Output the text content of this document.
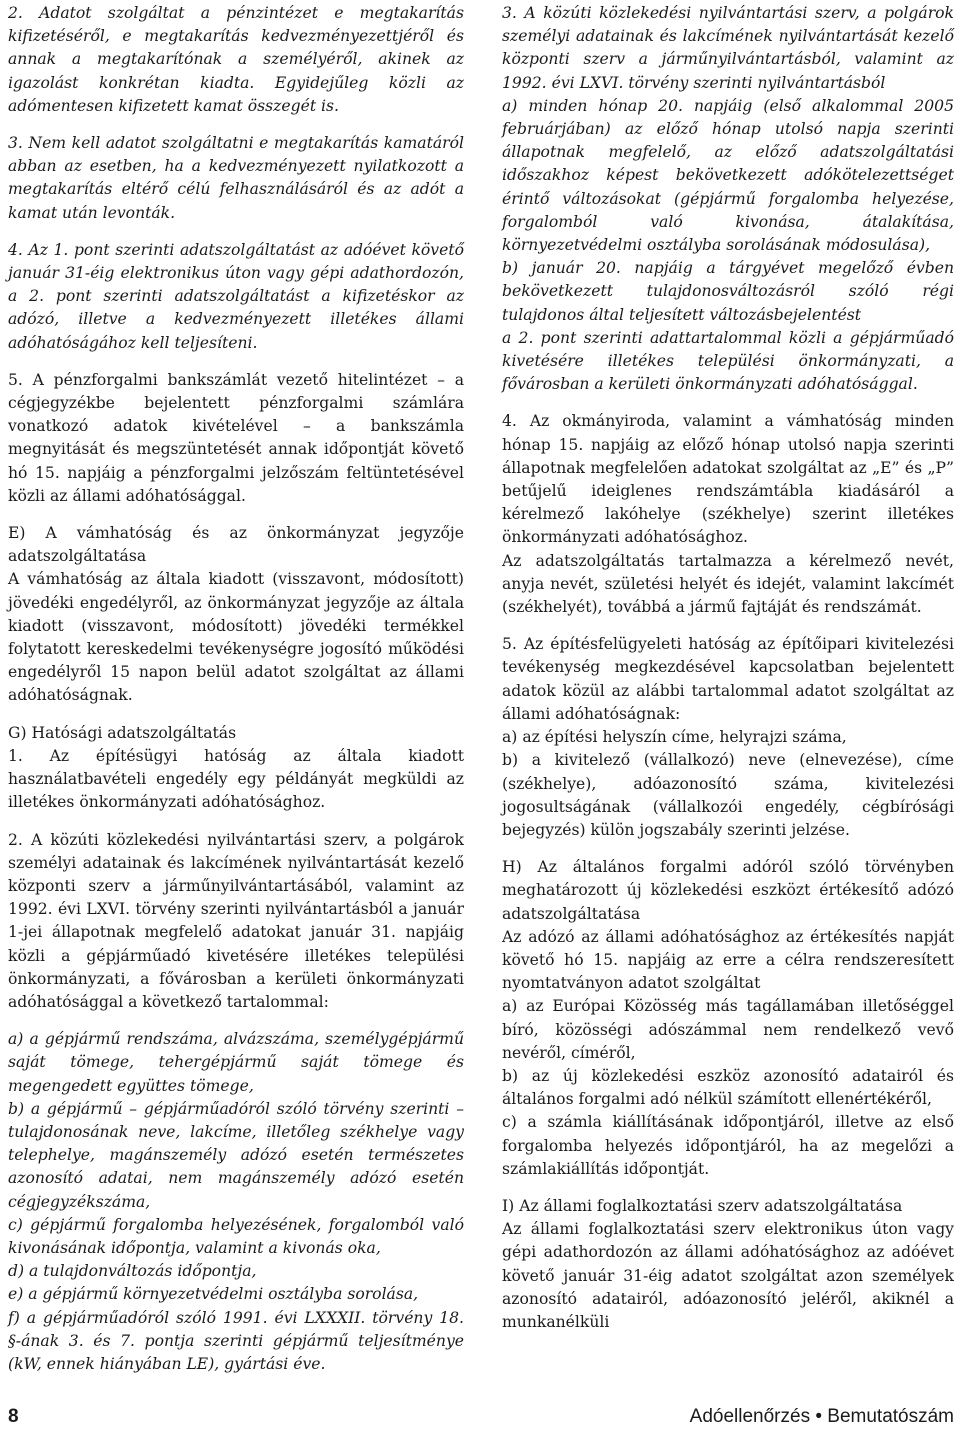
2. Adatot szolgáltat a pénzintézet e megtakarítás kifizetéséről, e megtakarítás kedvezményezettjéről és annak a megtakarítónak a személyéről, akinek az igazolást konkrétan kiadta. Egyidejűleg közli az adómentesen kifizetett kamat összegét is.
3. Nem kell adatot szolgáltatni e megtakarítás kamatáról abban az esetben, ha a kedvezményezett nyilatkozott a megtakarítás eltérő célú felhasználásáról és az adót a kamat után levonták.
4. Az 1. pont szerinti adatszolgáltatást az adóévet követő január 31-éig elektronikus úton vagy gépi adathordozón, a 2. pont szerinti adatszolgáltatást a kifizetéskor az adózó, illetve a kedvezményezett illetékes állami adóhatóságához kell teljesíteni.
5. A pénzforgalmi bankszámlát vezető hitelintézet – a cégjegyzékbe bejelentett pénzforgalmi számlára vonatkozó adatok kivételével – a bankszámla megnyitását és megszüntetését annak időpontját követő hó 15. napjáig a pénzforgalmi jelzőszám feltüntetésével közli az állami adóhatósággal.
E) A vámhatóság és az önkormányzat jegyzője adatszolgáltatása
A vámhatóság az általa kiadott (visszavont, módosított) jövedéki engedélyről, az önkormányzat jegyzője az általa kiadott (visszavont, módosított) jövedéki termékkel folytatott kereskedelmi tevékenységre jogosító működési engedélyről 15 napon belül adatot szolgáltat az állami adóhatóságnak.
G) Hatósági adatszolgáltatás
1. Az építésügyi hatóság az általa kiadott használatbavételi engedély egy példányát megküldi az illetékes önkormányzati adóhatósághoz.
2. A közúti közlekedési nyilvántartási szerv, a polgárok személyi adatainak és lakcímének nyilvántartását kezelő központi szerv a járműnyilvántartásából, valamint az 1992. évi LXVI. törvény szerinti nyilvántartásból a január 1-jei állapotnak megfelelő adatokat január 31. napjáig közli a gépjárműadó kivetésére illetékes települési önkormányzati, a fővárosban a kerületi önkormányzati adóhatósággal a következő tartalommal:
a) a gépjármű rendszáma, alvázszáma, személygépjármű saját tömege, tehergépjármű saját tömege és megengedett együttes tömege,
b) a gépjármű – gépjárműadóról szóló törvény szerinti – tulajdonosának neve, lakcíme, illetőleg székhelye vagy telephelye, magánszemély adózó esetén természetes azonosító adatai, nem magánszemély adózó esetén cégjegyzékszáma,
c) gépjármű forgalomba helyezésének, forgalomból való kivonásának időpontja, valamint a kivonás oka,
d) a tulajdonváltozás időpontja,
e) a gépjármű környezetvédelmi osztályba sorolása,
f) a gépjárműadóról szóló 1991. évi LXXXII. törvény 18. §-ának 3. és 7. pontja szerinti gépjármű teljesítménye (kW, ennek hiányában LE), gyártási éve.
3. A közúti közlekedési nyilvántartási szerv, a polgárok személyi adatainak és lakcímének nyilvántartását kezelő központi szerv a járműnyilvántartásból, valamint az 1992. évi LXVI. törvény szerinti nyilvántartásból
a) minden hónap 20. napjáig (első alkalommal 2005 februárjában) az előző hónap utolsó napja szerinti állapotnak megfelelő, az előző adatszolgáltatási időszakhoz képest bekövetkezett adókötelezettséget érintő változásokat (gépjármű forgalomba helyezése, forgalomból való kivonása, átalakítása, környezetvédelmi osztályba sorolásának módosulása),
b) január 20. napjáig a tárgyévet megelőző évben bekövetkezett tulajdonosváltozásról szóló régi tulajdonos által teljesített változásbejelentést
a 2. pont szerinti adattartalommal közli a gépjárműadó kivetésére illetékes települési önkormányzati, a fővárosban a kerületi önkormányzati adóhatósággal.
4. Az okmányiroda, valamint a vámhatóság minden hónap 15. napjáig az előző hónap utolsó napja szerinti állapotnak megfelelően adatokat szolgáltat az „E” és „P” betűjelű ideiglenes rendszámtábla kiadásáról a kérelmező lakóhelye (székhelye) szerint illetékes önkormányzati adóhatósághoz.
Az adatszolgáltatás tartalmazza a kérelmező nevét, anyja nevét, születési helyét és idejét, valamint lakcímét (székhelyét), továbbá a jármű fajtáját és rendszámát.
5. Az építésfelügyeleti hatóság az építőipari kivitelezési tevékenység megkezdésével kapcsolatban bejelentett adatok közül az alábbi tartalommal adatot szolgáltat az állami adóhatóságnak:
a) az építési helyszín címe, helyrajzi száma,
b) a kivitelező (vállalkozó) neve (elnevezése), címe (székhelye), adóazonosító száma, kivitelezési jogosultságának (vállalkozói engedély, cégbírósági bejegyzés) külön jogszabály szerinti jelzése.
H) Az általános forgalmi adóról szóló törvényben meghatározott új közlekedési eszközt értékesítő adózó adatszolgáltatása
Az adózó az állami adóhatósághoz az értékesítés napját követő hó 15. napjáig az erre a célra rendszeresített nyomtatványon adatot szolgáltat
a) az Európai Közösség más tagállamában illetőséggel bíró, közösségi adószámmal nem rendelkező vevő nevéről, címéről,
b) az új közlekedési eszköz azonosító adatairól és általános forgalmi adó nélkül számított ellenértékéről,
c) a számla kiállításának időpontjáról, illetve az első forgalomba helyezés időpontjáról, ha az megelőzi a számlakiállítás időpontját.
I) Az állami foglalkoztatási szerv adatszolgáltatása
Az állami foglalkoztatási szerv elektronikus úton vagy gépi adathordozón az állami adóhatósághoz az adóévet követő január 31-éig adatot szolgáltat azon személyek azonosító adatairól, adóazonosító jeléről, akiknél a munkanélküli
8	Adóellenőrzés • Bemutatószám
